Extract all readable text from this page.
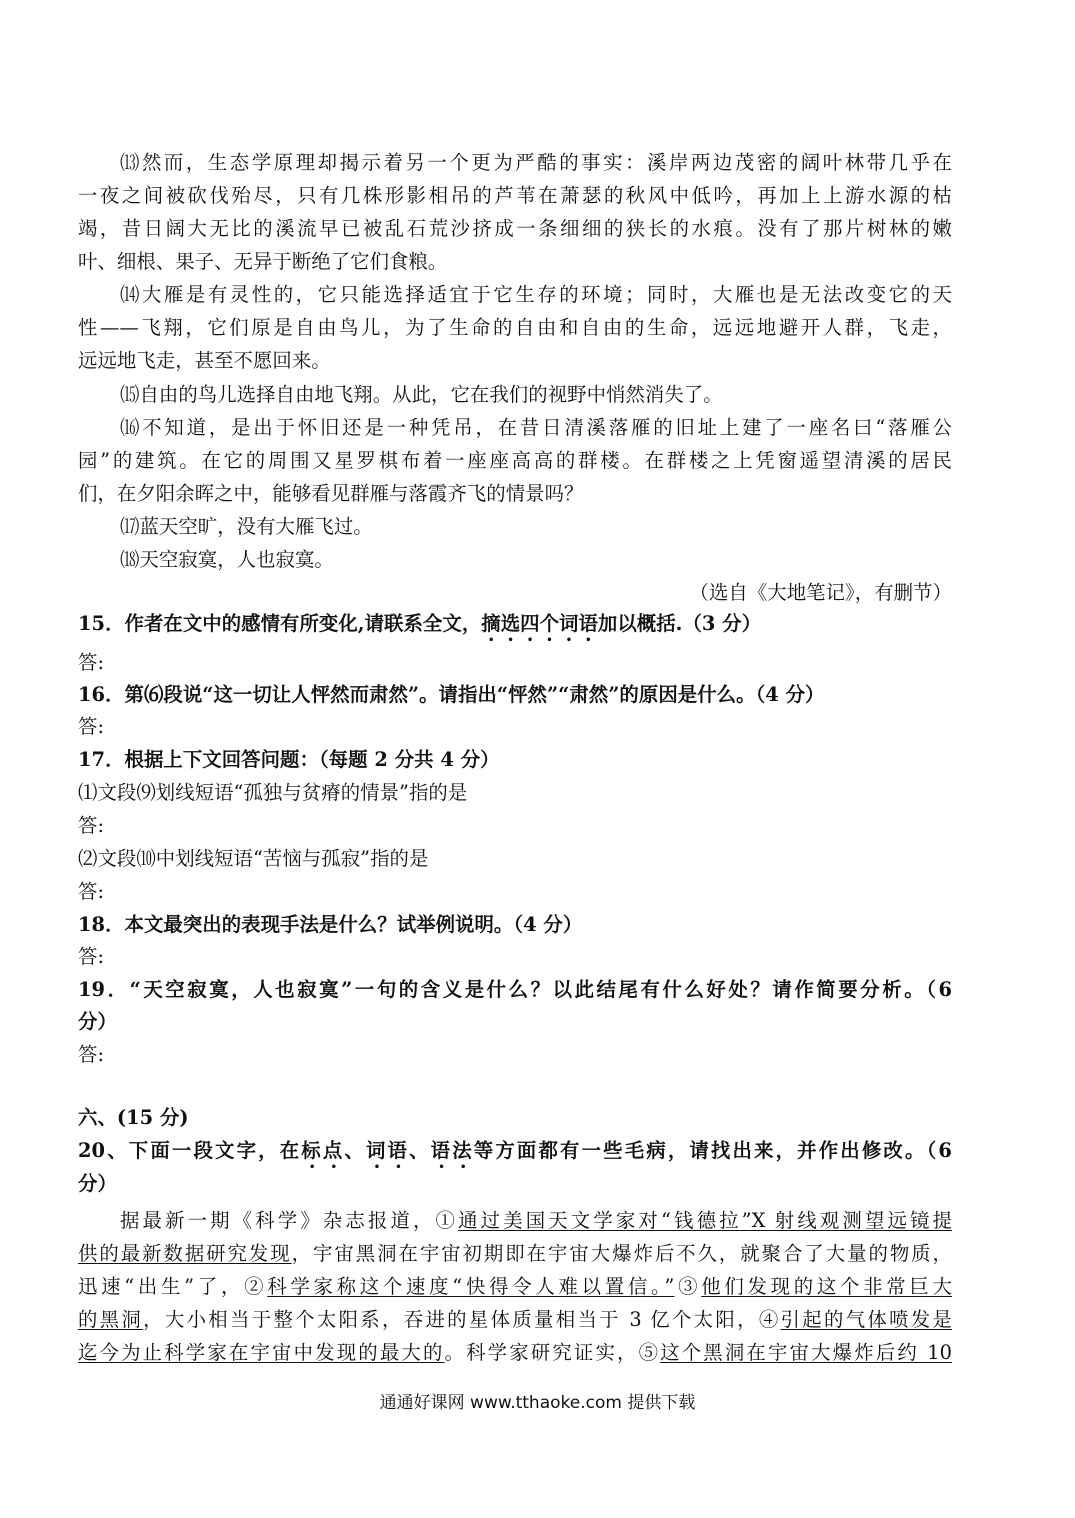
⒀然而，生态学原理却揭示着另一个更为严酷的事实：溪岸两边茂密的阔叶林带几乎在
一夜之间被砍伐殆尽，只有几株形影相吊的芦苇在萧瑟的秋风中低吟，再加上上游水源的枯
竭，昔日阔大无比的溪流早已被乱石荒沙挤成一条细细的狭长的水痕。没有了那片树林的嫩
叶、细根、果子、无异于断绝了它们食粮。
⒁大雁是有灵性的，它只能选择适宜于它生存的环境；同时，大雁也是无法改变它的天
性——飞翔，它们原是自由鸟儿，为了生命的自由和自由的生命，远远地避开人群，飞走，
远远地飞走，甚至不愿回来。
⒂自由的鸟儿选择自由地飞翔。从此，它在我们的视野中悄然消失了。
⒃不知道，是出于怀旧还是一种凭吊，在昔日清溪落雁的旧址上建了一座名曰“落雁公
园”的建筑。在它的周围又星罗棋布着一座座高高的群楼。在群楼之上凭窗遥望清溪的居民
们，在夕阳余晖之中，能够看见群雁与落霞齐飞的情景吗？
⒄蓝天空旷，没有大雁飞过。
⒅天空寂寞，人也寂寞。
（选自《大地笔记》，有删节）
15．作者在文中的感情有所变化,请联系全文，摘选四个词语加以概括.（3 分）
答:
16．第⑹段说“这一切让人怦然而肃然”。请指出“怦然”“肃然”的原因是什么。（4 分）
答:
17．根据上下文回答问题：（每题 2 分共 4 分）
⑴文段⑼划线短语“孤独与贫瘠的情景”指的是
答:
⑵文段⑽中划线短语“苦恼与孤寂”指的是
答:
18．本文最突出的表现手法是什么？试举例说明。（4 分）
答:
19．“天空寂寞，人也寂寞”一句的含义是什么？以此结尾有什么好处？请作简要分析。（6
分）
答:
六、(15 分)
20、下面一段文字，在标点、词语、语法等方面都有一些毛病，请找出来，并作出修改。（6
分）
据最新一期《科学》杂志报道，①通过美国天文学家对“钱德拉”X 射线观测望远镜提
供的最新数据研究发现，宇宙黑洞在宇宙初期即在宇宙大爆炸后不久，就聚合了大量的物质，
迅速“出生”了，②科学家称这个速度“快得令人难以置信。”③他们发现的这个非常巨大
的黑洞，大小相当于整个太阳系，吞进的星体质量相当于 3 亿个太阳，④引起的气体喷发是
迄今为止科学家在宇宙中发现的最大的。科学家研究证实，⑤这个黑洞在宇宙大爆炸后约 10
通通好课网 www.tthaoke.com 提供下载
